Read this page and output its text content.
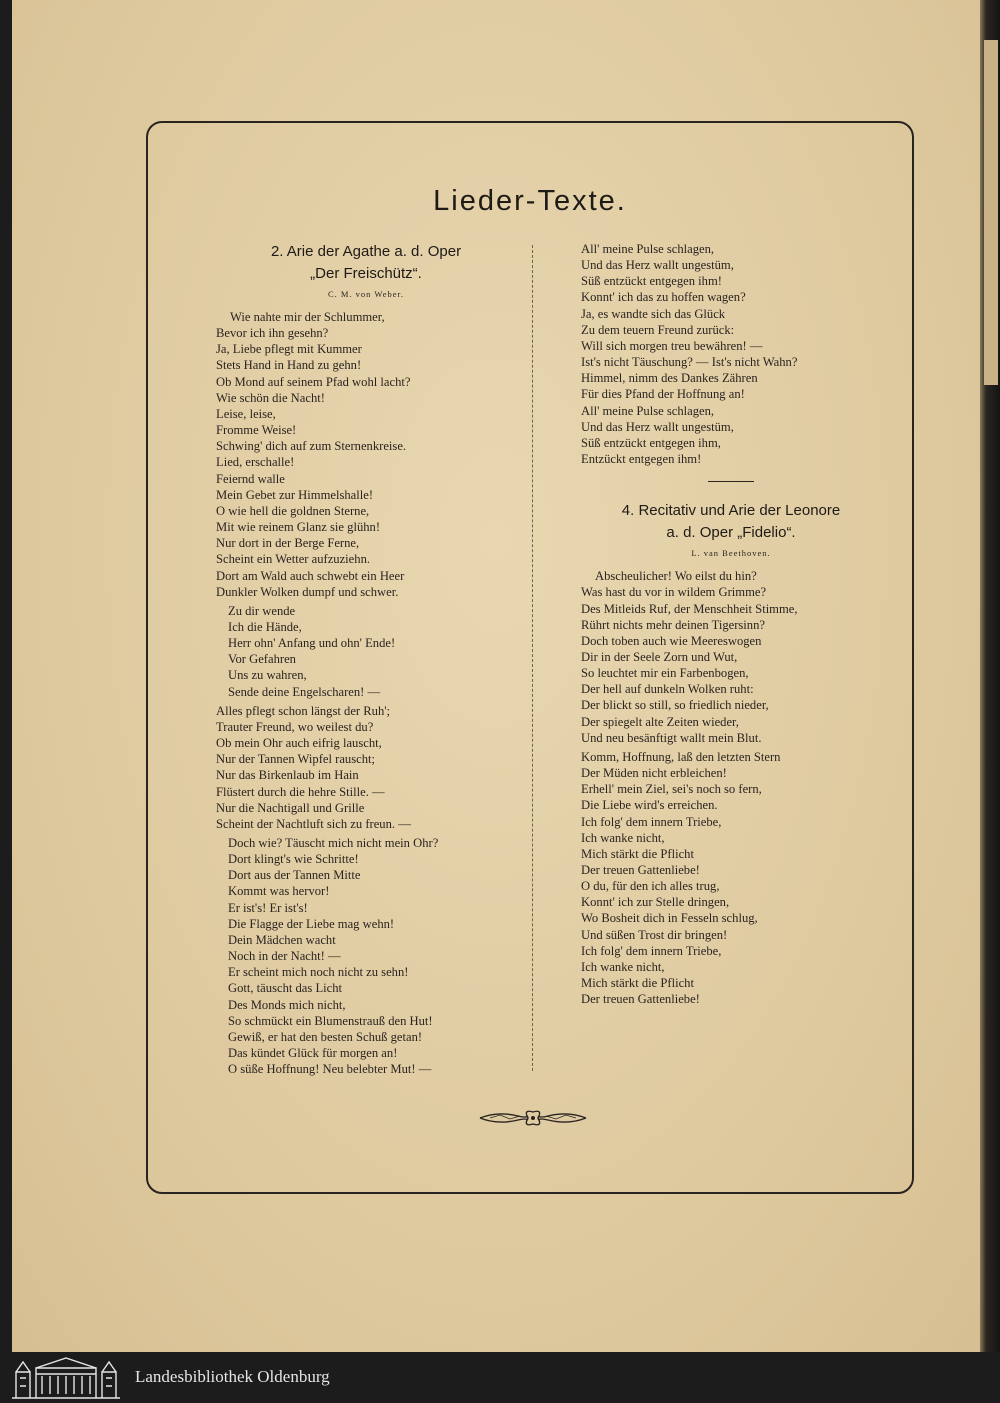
Lieder-Texte.
2. Arie der Agathe a. d. Oper
„Der Freischütz“.
C. M. von Weber.
Wie nahte mir der Schlummer,
Bevor ich ihn gesehn?
Ja, Liebe pflegt mit Kummer
Stets Hand in Hand zu gehn!
Ob Mond auf seinem Pfad wohl lacht?
Wie schön die Nacht!
Leise, leise,
Fromme Weise!
Schwing' dich auf zum Sternenkreise.
Lied, erschalle!
Feiernd walle
Mein Gebet zur Himmelshalle!
O wie hell die goldnen Sterne,
Mit wie reinem Glanz sie glühn!
Nur dort in der Berge Ferne,
Scheint ein Wetter aufzuziehn.
Dort am Wald auch schwebt ein Heer
Dunkler Wolken dumpf und schwer.
Zu dir wende
Ich die Hände,
Herr ohn' Anfang und ohn' Ende!
Vor Gefahren
Uns zu wahren,
Sende deine Engelscharen! —
Alles pflegt schon längst der Ruh';
Trauter Freund, wo weilest du?
Ob mein Ohr auch eifrig lauscht,
Nur der Tannen Wipfel rauscht;
Nur das Birkenlaub im Hain
Flüstert durch die hehre Stille. —
Nur die Nachtigall und Grille
Scheint der Nachtluft sich zu freun. —
Doch wie? Täuscht mich nicht mein Ohr?
Dort klingt's wie Schritte!
Dort aus der Tannen Mitte
Kommt was hervor!
Er ist's! Er ist's!
Die Flagge der Liebe mag wehn!
Dein Mädchen wacht
Noch in der Nacht! —
Er scheint mich noch nicht zu sehn!
Gott, täuscht das Licht
Des Monds mich nicht,
So schmückt ein Blumenstrauß den Hut!
Gewiß, er hat den besten Schuß getan!
Das kündet Glück für morgen an!
O süße Hoffnung! Neu belebter Mut! —
All' meine Pulse schlagen,
Und das Herz wallt ungestüm,
Süß entzückt entgegen ihm!
Konnt' ich das zu hoffen wagen?
Ja, es wandte sich das Glück
Zu dem teuern Freund zurück:
Will sich morgen treu bewähren! —
Ist's nicht Täuschung? — Ist's nicht Wahn?
Himmel, nimm des Dankes Zähren
Für dies Pfand der Hoffnung an!
All' meine Pulse schlagen,
Und das Herz wallt ungestüm,
Süß entzückt entgegen ihm,
Entzückt entgegen ihm!
4. Recitativ und Arie der Leonore
a. d. Oper „Fidelio“.
L. van Beethoven.
Abscheulicher! Wo eilst du hin?
Was hast du vor in wildem Grimme?
Des Mitleids Ruf, der Menschheit Stimme,
Rührt nichts mehr deinen Tigersinn?
Doch toben auch wie Meereswogen
Dir in der Seele Zorn und Wut,
So leuchtet mir ein Farbenbogen,
Der hell auf dunkeln Wolken ruht:
Der blickt so still, so friedlich nieder,
Der spiegelt alte Zeiten wieder,
Und neu besänftigt wallt mein Blut.
Komm, Hoffnung, laß den letzten Stern
Der Müden nicht erbleichen!
Erhell' mein Ziel, sei's noch so fern,
Die Liebe wird's erreichen.
Ich folg' dem innern Triebe,
Ich wanke nicht,
Mich stärkt die Pflicht
Der treuen Gattenliebe!
O du, für den ich alles trug,
Konnt' ich zur Stelle dringen,
Wo Bosheit dich in Fesseln schlug,
Und süßen Trost dir bringen!
Ich folg' dem innern Triebe,
Ich wanke nicht,
Mich stärkt die Pflicht
Der treuen Gattenliebe!
Landesbibliothek Oldenburg
